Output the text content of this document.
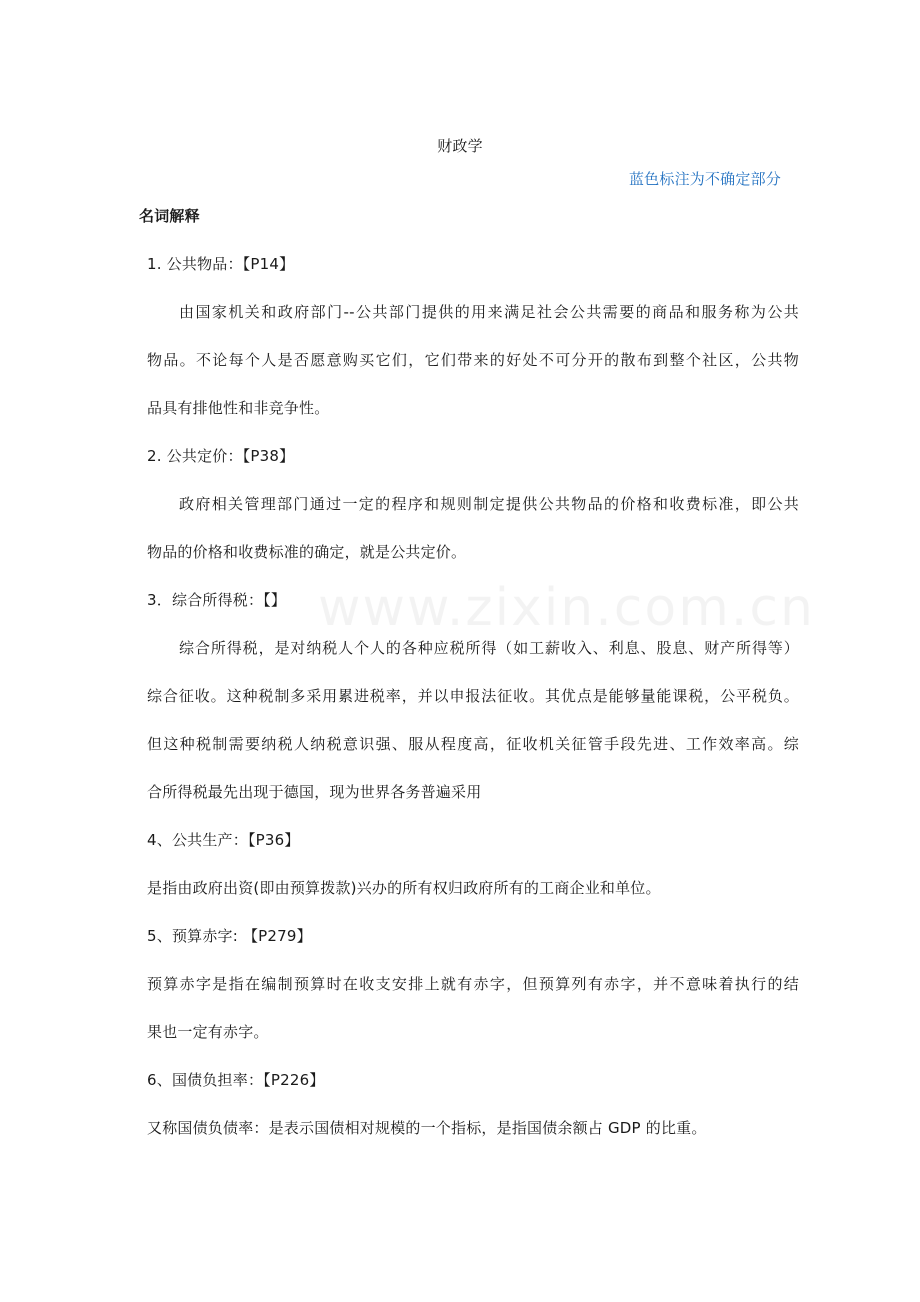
财政学
蓝色标注为不确定部分
名词解释
1. 公共物品：【P14】
由国家机关和政府部门--公共部门提供的用来满足社会公共需要的商品和服务称为公共
物品。不论每个人是否愿意购买它们，它们带来的好处不可分开的散布到整个社区，公共物
品具有排他性和非竞争性。
2. 公共定价：【P38】
政府相关管理部门通过一定的程序和规则制定提供公共物品的价格和收费标准，即公共
物品的价格和收费标准的确定，就是公共定价。
3．综合所得税：【】
综合所得税，是对纳税人个人的各种应税所得（如工薪收入、利息、股息、财产所得等）
综合征收。这种税制多采用累进税率，并以申报法征收。其优点是能够量能课税，公平税负。
但这种税制需要纳税人纳税意识强、服从程度高，征收机关征管手段先进、工作效率高。综
合所得税最先出现于德国，现为世界各务普遍采用
4、公共生产：【P36】
是指由政府出资(即由预算拨款)兴办的所有权归政府所有的工商企业和单位。
5、预算赤字: 【P279】
预算赤字是指在编制预算时在收支安排上就有赤字，但预算列有赤字，并不意味着执行的结
果也一定有赤字。
6、国债负担率：【P226】
又称国债负债率：是表示国债相对规模的一个指标，是指国债余额占 GDP 的比重。
